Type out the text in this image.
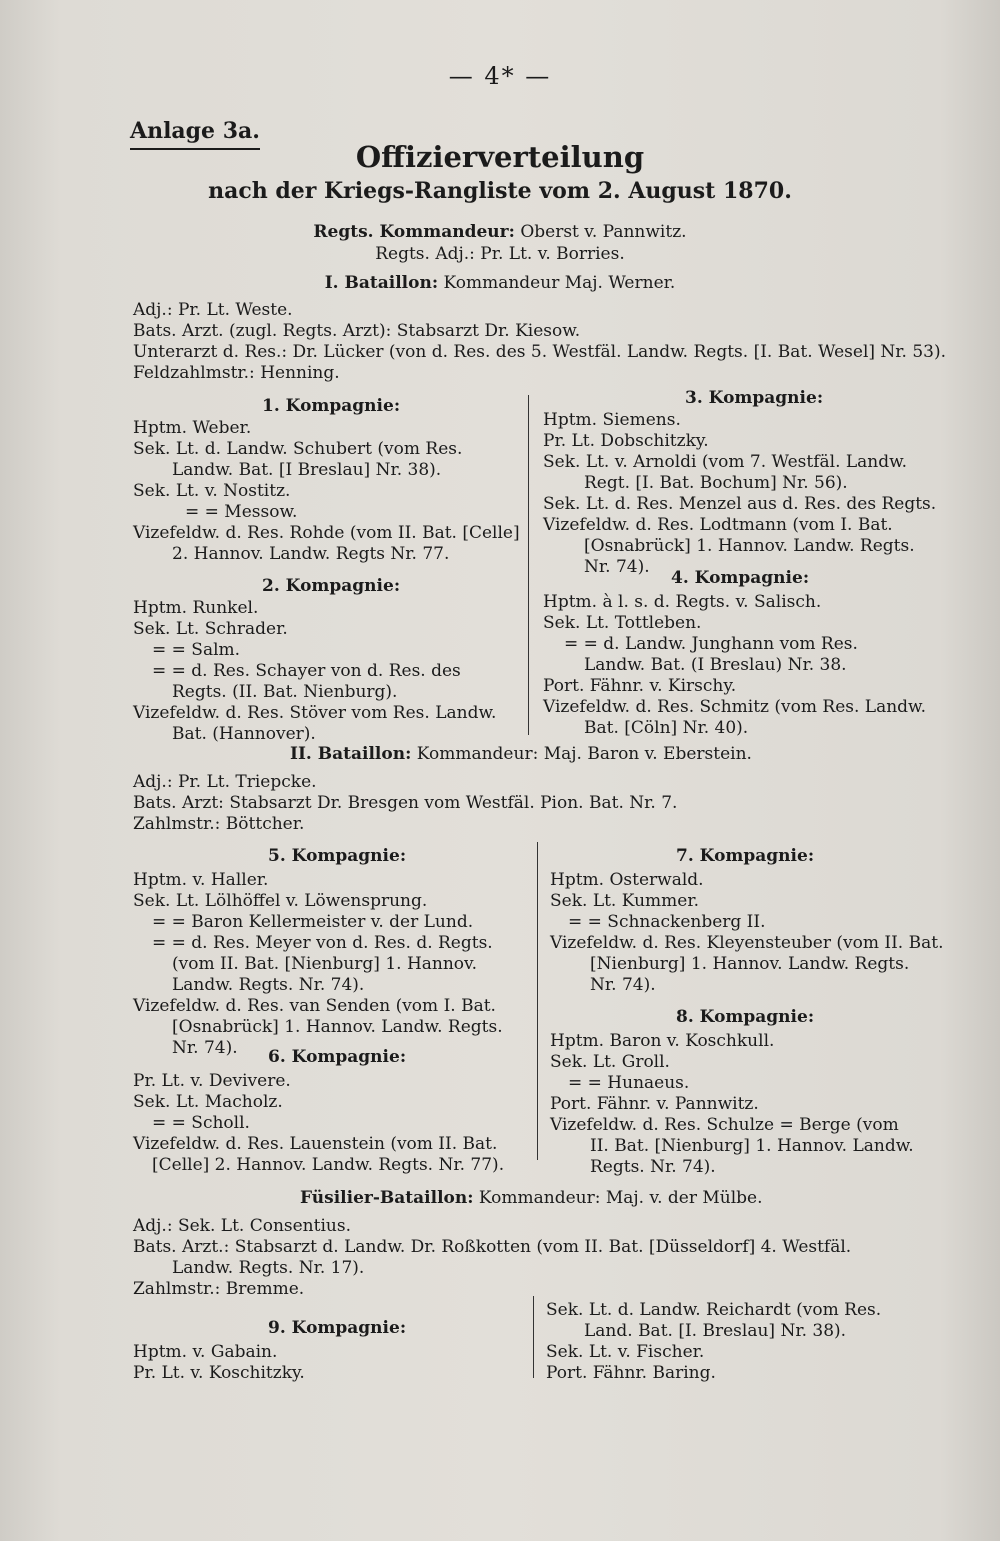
— 4* —
Anlage 3a.
Offizierverteilung
nach der Kriegs-Rangliste vom 2. August 1870.
Regts. Kommandeur: Oberst v. Pannwitz.
Regts. Adj.: Pr. Lt. v. Borries.
I. Bataillon: Kommandeur Maj. Werner.
Adj.: Pr. Lt. Weste.
Bats. Arzt. (zugl. Regts. Arzt): Stabsarzt Dr. Kiesow.
Unterarzt d. Res.: Dr. Lücker (von d. Res. des 5. Westfäl. Landw. Regts. [I. Bat. Wesel] Nr. 53).
Feldzahlmstr.: Henning.
1. Kompagnie:
Hptm. Weber.
Sek. Lt. d. Landw. Schubert (vom Res.
Landw. Bat. [I Breslau] Nr. 38).
Sek. Lt. v. Nostitz.
= = Messow.
Vizefeldw. d. Res. Rohde (vom II. Bat. [Celle]
2. Hannov. Landw. Regts Nr. 77.
2. Kompagnie:
Hptm. Runkel.
Sek. Lt. Schrader.
= = Salm.
= = d. Res. Schayer von d. Res. des
Regts. (II. Bat. Nienburg).
Vizefeldw. d. Res. Stöver vom Res. Landw.
Bat. (Hannover).
3. Kompagnie:
Hptm. Siemens.
Pr. Lt. Dobschitzky.
Sek. Lt. v. Arnoldi (vom 7. Westfäl. Landw.
Regt. [I. Bat. Bochum] Nr. 56).
Sek. Lt. d. Res. Menzel aus d. Res. des Regts.
Vizefeldw. d. Res. Lodtmann (vom I. Bat.
[Osnabrück] 1. Hannov. Landw. Regts.
Nr. 74).
4. Kompagnie:
Hptm. à l. s. d. Regts. v. Salisch.
Sek. Lt. Tottleben.
= = d. Landw. Junghann vom Res.
Landw. Bat. (I Breslau) Nr. 38.
Port. Fähnr. v. Kirschy.
Vizefeldw. d. Res. Schmitz (vom Res. Landw.
Bat. [Cöln] Nr. 40).
II. Bataillon: Kommandeur: Maj. Baron v. Eberstein.
Adj.: Pr. Lt. Triepcke.
Bats. Arzt: Stabsarzt Dr. Bresgen vom Westfäl. Pion. Bat. Nr. 7.
Zahlmstr.: Böttcher.
5. Kompagnie:
Hptm. v. Haller.
Sek. Lt. Lölhöffel v. Löwensprung.
= = Baron Kellermeister v. der Lund.
= = d. Res. Meyer von d. Res. d. Regts.
(vom II. Bat. [Nienburg] 1. Hannov.
Landw. Regts. Nr. 74).
Vizefeldw. d. Res. van Senden (vom I. Bat.
[Osnabrück] 1. Hannov. Landw. Regts.
Nr. 74). 6. Kompagnie:
Pr. Lt. v. Devivere.
Sek. Lt. Macholz.
= = Scholl.
Vizefeldw. d. Res. Lauenstein (vom II. Bat.
[Celle] 2. Hannov. Landw. Regts. Nr. 77).
7. Kompagnie:
Hptm. Osterwald.
Sek. Lt. Kummer.
= = Schnackenberg II.
Vizefeldw. d. Res. Kleyensteuber (vom II. Bat.
[Nienburg] 1. Hannov. Landw. Regts.
Nr. 74).
8. Kompagnie:
Hptm. Baron v. Koschkull.
Sek. Lt. Groll.
= = Hunaeus.
Port. Fähnr. v. Pannwitz.
Vizefeldw. d. Res. Schulze = Berge (vom
II. Bat. [Nienburg] 1. Hannov. Landw.
Regts. Nr. 74).
Füsilier-Bataillon: Kommandeur: Maj. v. der Mülbe.
Adj.: Sek. Lt. Consentius.
Bats. Arzt.: Stabsarzt d. Landw. Dr. Roßkotten (vom II. Bat. [Düsseldorf] 4. Westfäl.
Landw. Regts. Nr. 17).
Zahlmstr.: Bremme.
9. Kompagnie:
Hptm. v. Gabain.
Pr. Lt. v. Koschitzky.
Sek. Lt. d. Landw. Reichardt (vom Res.
Land. Bat. [I. Breslau] Nr. 38).
Sek. Lt. v. Fischer.
Port. Fähnr. Baring.
